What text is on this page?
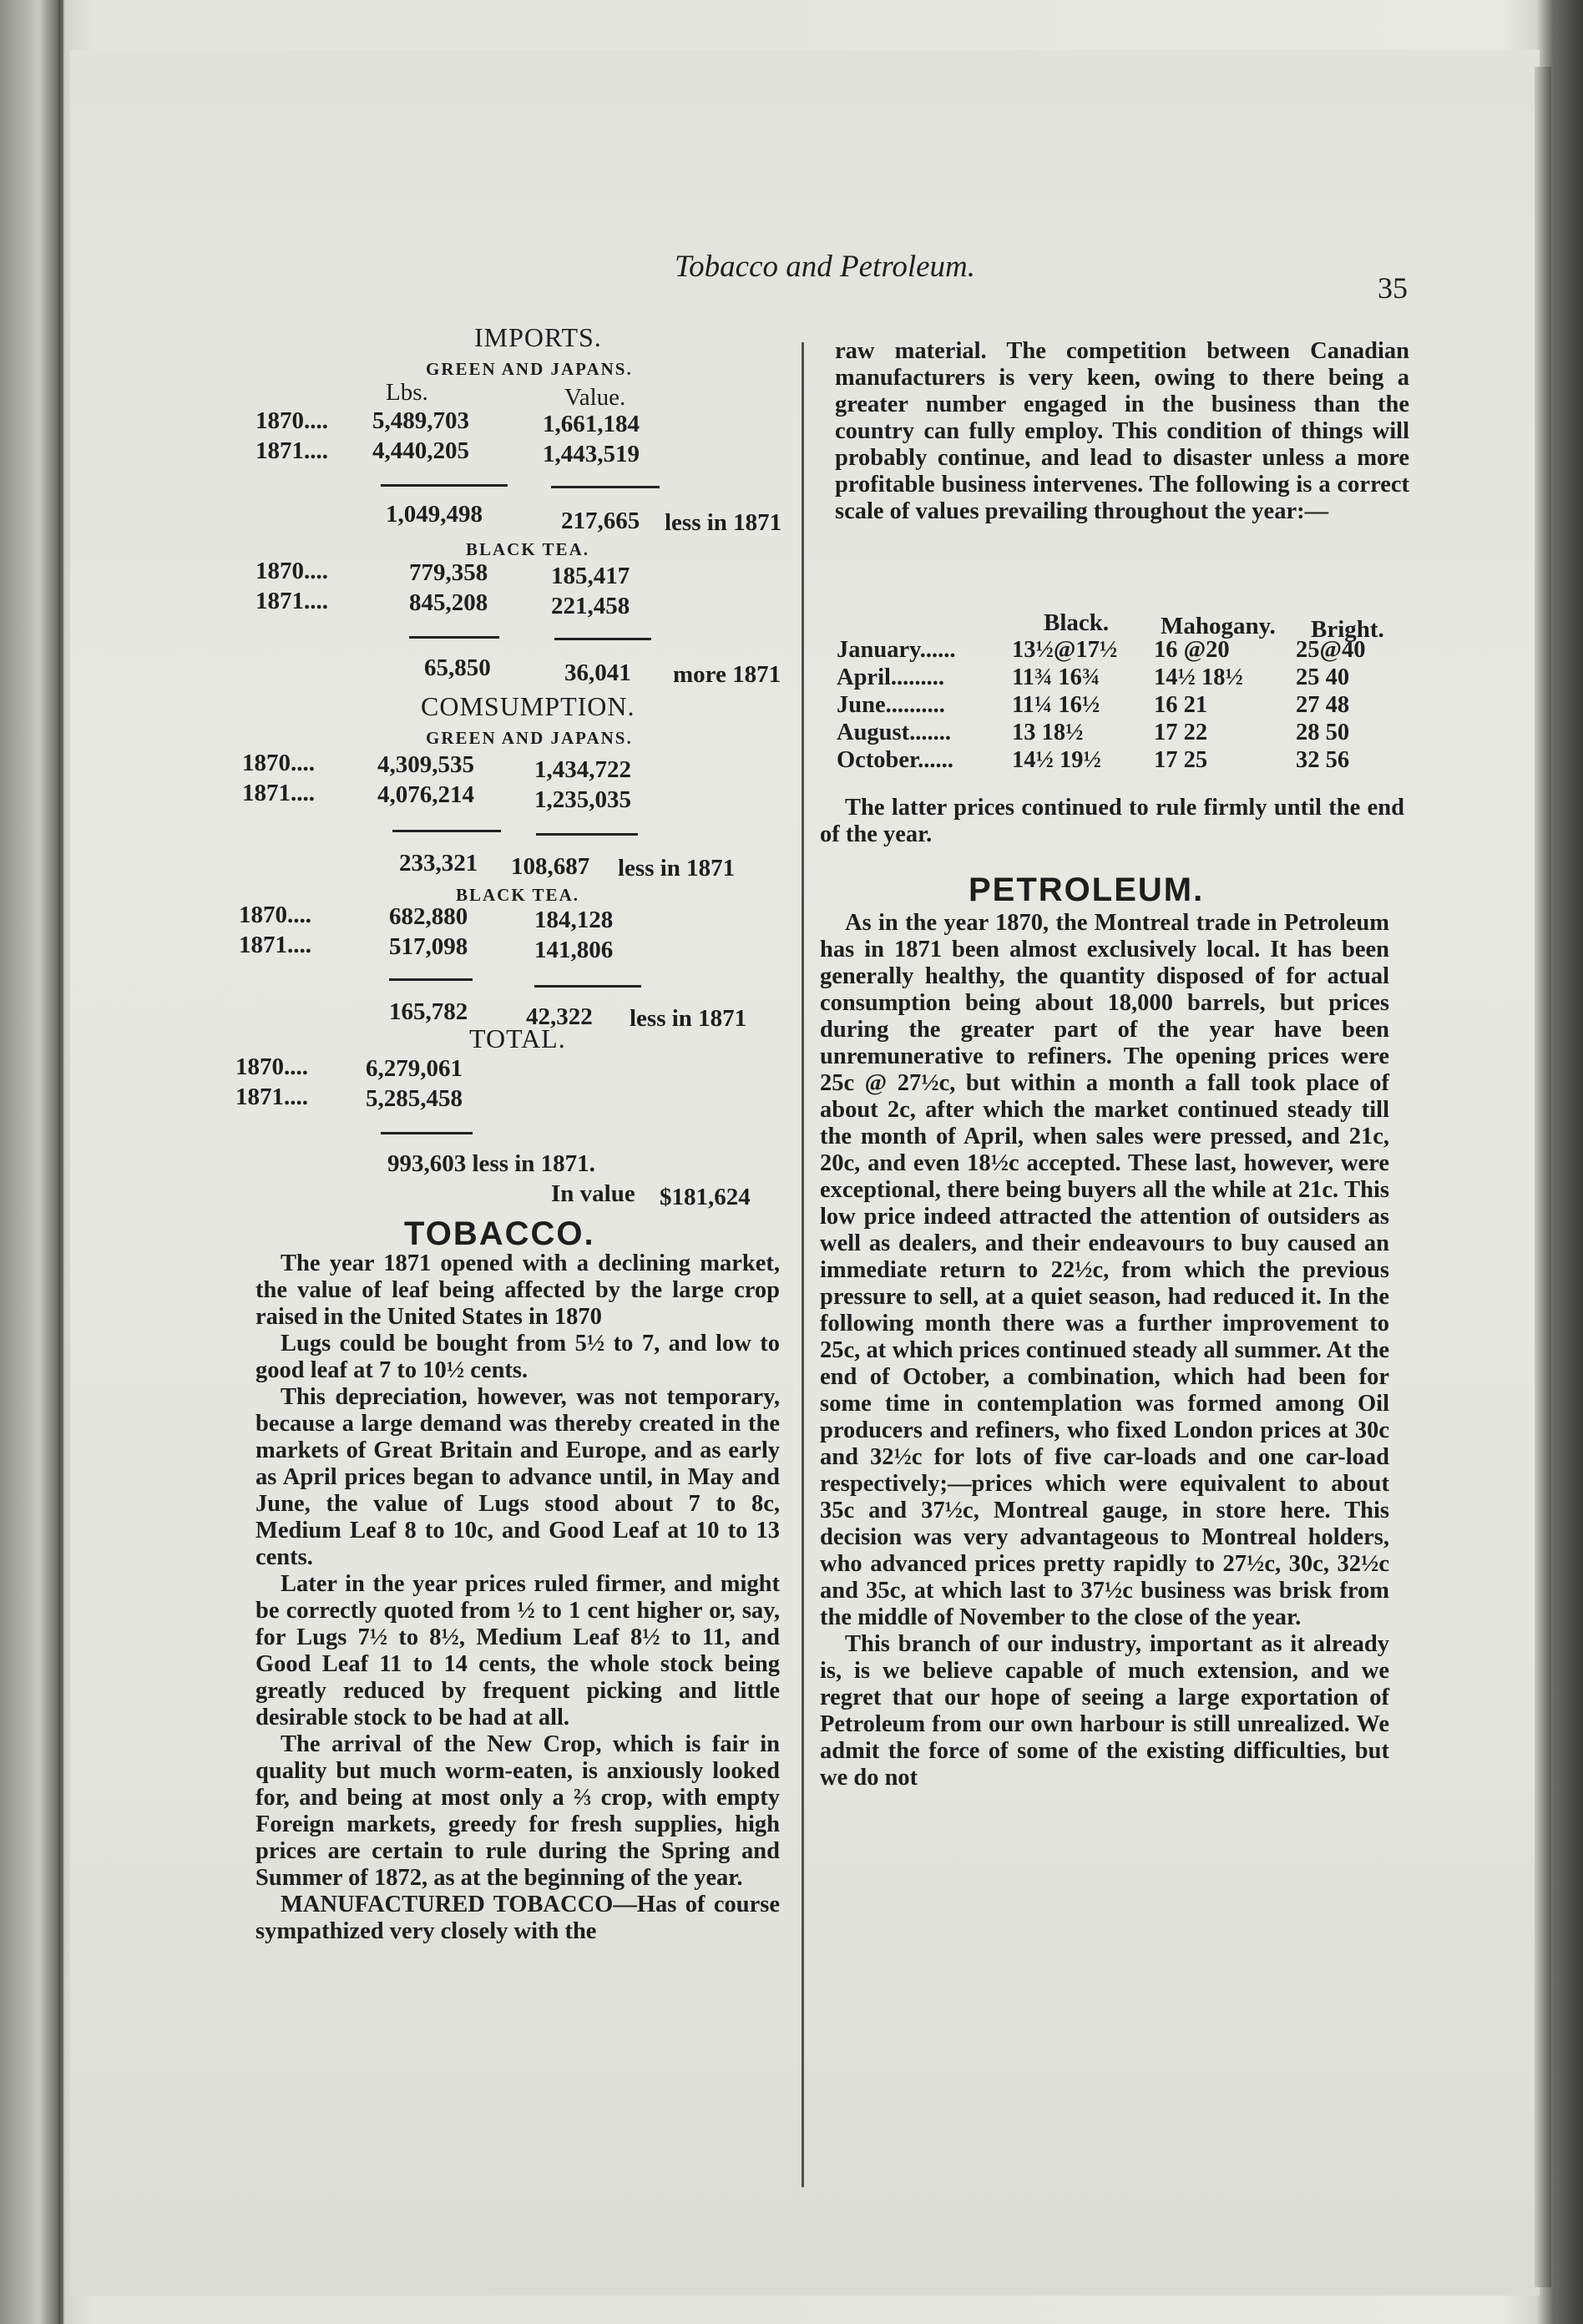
Tobacco and Petroleum.
35
IMPORTS.
GREEN AND JAPANS.
Lbs.	Value.
1870.... 5,489,703	1,661,184
1871.... 4,440,205	1,443,519
1,049,498	217,665 less in 1871
BLACK TEA.
1870....	779,358	185,417
1871....	845,208	221,458
65,850	36,041 more 1871
COMSUMPTION.
GREEN AND JAPANS.
1870....	4,309,535 1,434,722
1871....	4,076,214 1,235,035
233,321 108,687 less in 1871
BLACK TEA.
1870....	682,880	184,128
1871....	517,098	141,806
165,782 42,322 less in 1871
TOTAL.
1870.... 6,279,061
1871.... 5,285,458
993,603 less in 1871.
In value $181,624
TOBACCO.

The year 1871 opened with a declining market, the value of leaf being affected by the large crop raised in the United States in 1870

Lugs could be bought from 5½ to 7, and low to good leaf at 7 to 10½ cents.

This depreciation, however, was not temporary, because a large demand was thereby created in the markets of Great Britain and Europe, and as early as April prices began to advance until, in May and June, the value of Lugs stood about 7 to 8c, Medium Leaf 8 to 10c, and Good Leaf at 10 to 13 cents.

Later in the year prices ruled firmer, and might be correctly quoted from ½ to 1 cent higher or, say, for Lugs 7½ to 8½, Medium Leaf 8½ to 11, and Good Leaf 11 to 14 cents, the whole stock being greatly reduced by frequent picking and little desirable stock to be had at all.

The arrival of the New Crop, which is fair in quality but much worm-eaten, is anxiously looked for, and being at most only a ⅔ crop, with empty Foreign markets, greedy for fresh supplies, high prices are certain to rule during the Spring and Summer of 1872, as at the beginning of the year.

MANUFACTURED TOBACCO—Has of course sympathized very closely with the

raw material. The competition between Canadian manufacturers is very keen, owing to there being a greater number engaged in the business than the country can fully employ. This condition of things will probably continue, and lead to disaster unless a more profitable business intervenes. The following is a correct scale of values prevailing throughout the year:—

Black. Mahogany. Bright.
January......	13½@17½	16 @20	25@40
April.........	11¾ 16¾	14½ 18½	25 40
June..........	11¼ 16½	16 21	27 48
August.......	13 18½	17 22	28 50
October......	14½ 19½	17 25	32 56

The latter prices continued to rule firmly until the end of the year.

PETROLEUM.

As in the year 1870, the Montreal trade in Petroleum has in 1871 been almost exclusively local. It has been generally healthy, the quantity disposed of for actual consumption being about 18,000 barrels, but prices during the greater part of the year have been unremunerative to refiners. The opening prices were 25c @ 27½c, but within a month a fall took place of about 2c, after which the market continued steady till the month of April, when sales were pressed, and 21c, 20c, and even 18½c accepted. These last, however, were exceptional, there being buyers all the while at 21c. This low price indeed attracted the attention of outsiders as well as dealers, and their endeavours to buy caused an immediate return to 22½c, from which the previous pressure to sell, at a quiet season, had reduced it. In the following month there was a further improvement to 25c, at which prices continued steady all summer. At the end of October, a combination, which had been for some time in contemplation was formed among Oil producers and refiners, who fixed London prices at 30c and 32½c for lots of five car-loads and one car-load respectively;—prices which were equivalent to about 35c and 37½c, Montreal gauge, in store here. This decision was very advantageous to Montreal holders, who advanced prices pretty rapidly to 27½c, 30c, 32½c and 35c, at which last to 37½c business was brisk from the middle of November to the close of the year.

This branch of our industry, important as it already is, is we believe capable of much extension, and we regret that our hope of seeing a large exportation of Petroleum from our own harbour is still unrealized. We admit the force of some of the existing difficulties, but we do not
